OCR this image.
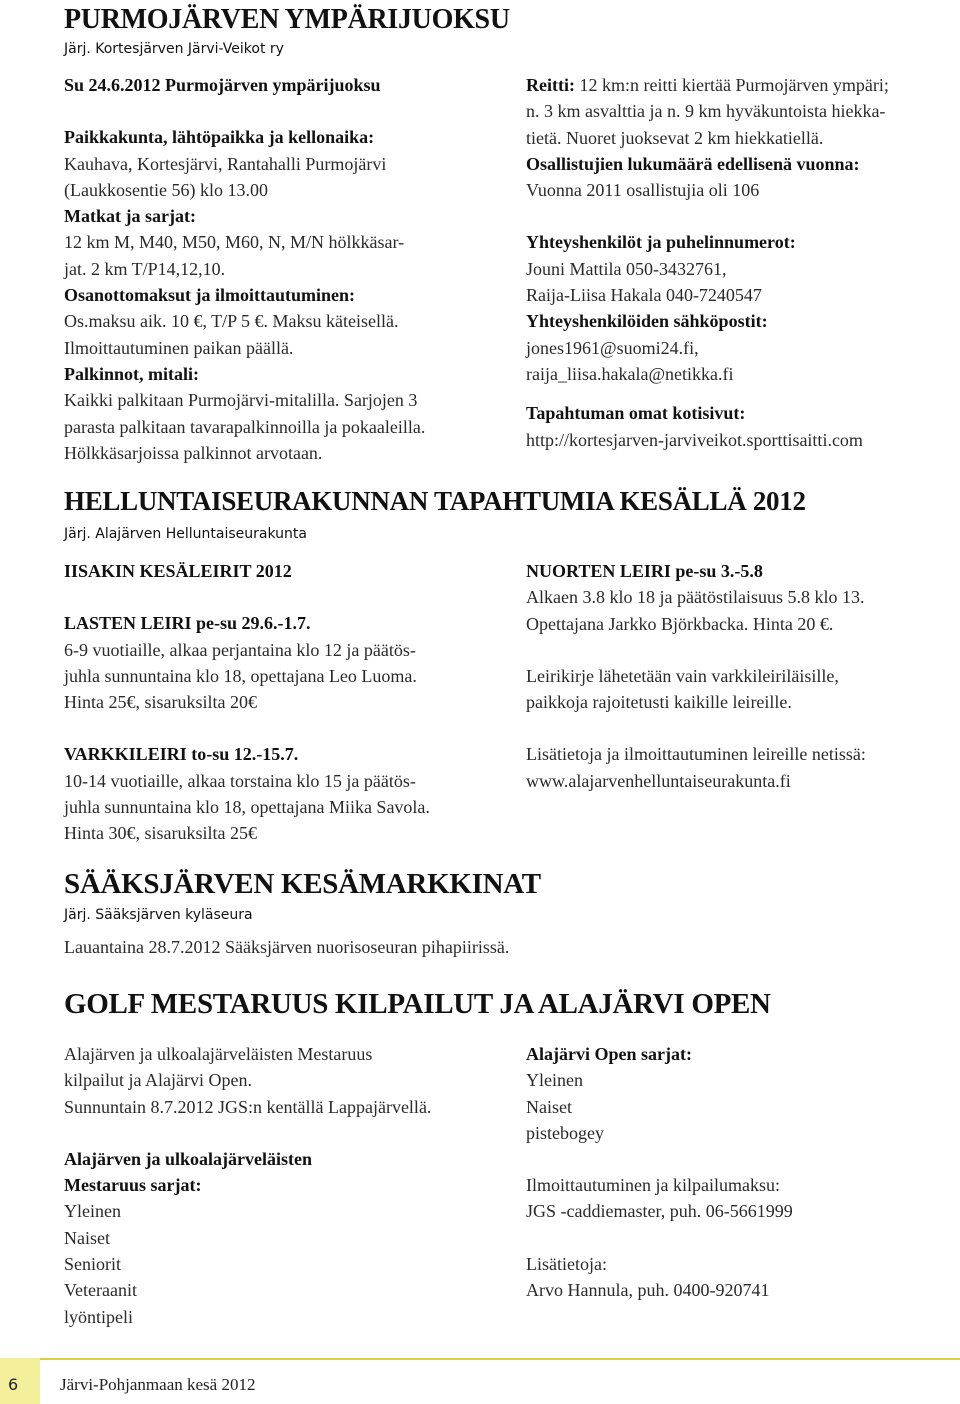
PURMOJÄRVEN YMPÄRIJUOKSU
Järj. Kortesjärven Järvi-Veikot ry

Su 24.6.2012 Purmojärven ympärijuoksu

Paikkakunta, lähtöpaikka ja kellonaika:

Kauhava, Kortesjärvi, Rantahalli Purmojärvi

(Laukkosentie 56) klo 13.00

Matkat ja sarjat:

12 km M, M40, M50, M60, N, M/N hölkkäsar-

jat. 2 km T/P14,12,10.

Osanottomaksut ja ilmoittautuminen:

Os.maksu aik. 10 €, T/P 5 €. Maksu käteisellä.

Ilmoittautuminen paikan päällä.

Palkinnot, mitali:

Kaikki palkitaan Purmojärvi-mitalilla. Sarjojen 3

parasta palkitaan tavarapalkinnoilla ja pokaaleilla.

Hölkkäsarjoissa palkinnot arvotaan.

Reitti: 12 km:n reitti kiertää Purmojärven ympäri;

n. 3 km asvalttia ja n. 9 km hyväkuntoista hiekka-

tietä. Nuoret juoksevat 2 km hiekkatiellä.

Osallistujien lukumäärä edellisenä vuonna:

Vuonna 2011 osallistujia oli 106

Yhteyshenkilöt ja puhelinnumerot:

Jouni Mattila 050-3432761,

Raija-Liisa Hakala 040-7240547

Yhteyshenkilöiden sähköpostit:

jones1961@suomi24.fi,

raija_liisa.hakala@netikka.fi

Tapahtuman omat kotisivut:

http://kortesjarven-jarviveikot.sporttisaitti.com

HELLUNTAISEURAKUNNAN TAPAHTUMIA KESÄLLÄ 2012
Järj. Alajärven Helluntaiseurakunta

IISAKIN KESÄLEIRIT 2012

LASTEN LEIRI pe-su 29.6.-1.7.

6-9 vuotiaille, alkaa perjantaina klo 12 ja päätös-

juhla sunnuntaina klo 18, opettajana Leo Luoma.

Hinta 25€, sisaruksilta 20€

VARKKILEIRI to-su 12.-15.7.

10-14 vuotiaille, alkaa torstaina klo 15 ja päätös-

juhla sunnuntaina klo 18, opettajana Miika Savola.

Hinta 30€, sisaruksilta 25€

NUORTEN LEIRI pe-su 3.-5.8

Alkaen 3.8 klo 18 ja päätöstilaisuus 5.8 klo 13.

Opettajana Jarkko Björkbacka. Hinta 20 €.

Leirikirje lähetetään vain varkkileiriläisille,

paikkoja rajoitetusti kaikille leireille.

Lisätietoja ja ilmoittautuminen leireille netissä:

www.alajarvenhelluntaiseurakunta.fi

SÄÄKSJÄRVEN KESÄMARKKINAT
Järj. Sääksjärven kyläseura

Lauantaina 28.7.2012 Sääksjärven nuorisoseuran pihapiirissä.

GOLF MESTARUUS KILPAILUT JA ALAJÄRVI OPEN

Alajärven ja ulkoalajärveläisten Mestaruus

kilpailut ja Alajärvi Open.

Sunnuntain 8.7.2012 JGS:n kentällä Lappajärvellä.

Alajärven ja ulkoalajärveläisten

Mestaruus sarjat:

Yleinen

Naiset

Seniorit

Veteraanit

lyöntipeli

Alajärvi Open sarjat:

Yleinen

Naiset

pistebogey

Ilmoittautuminen ja kilpailumaksu:

JGS -caddiemaster, puh. 06-5661999

Lisätietoja:

Arvo Hannula, puh. 0400-920741

6 Järvi-Pohjanmaan kesä 2012
